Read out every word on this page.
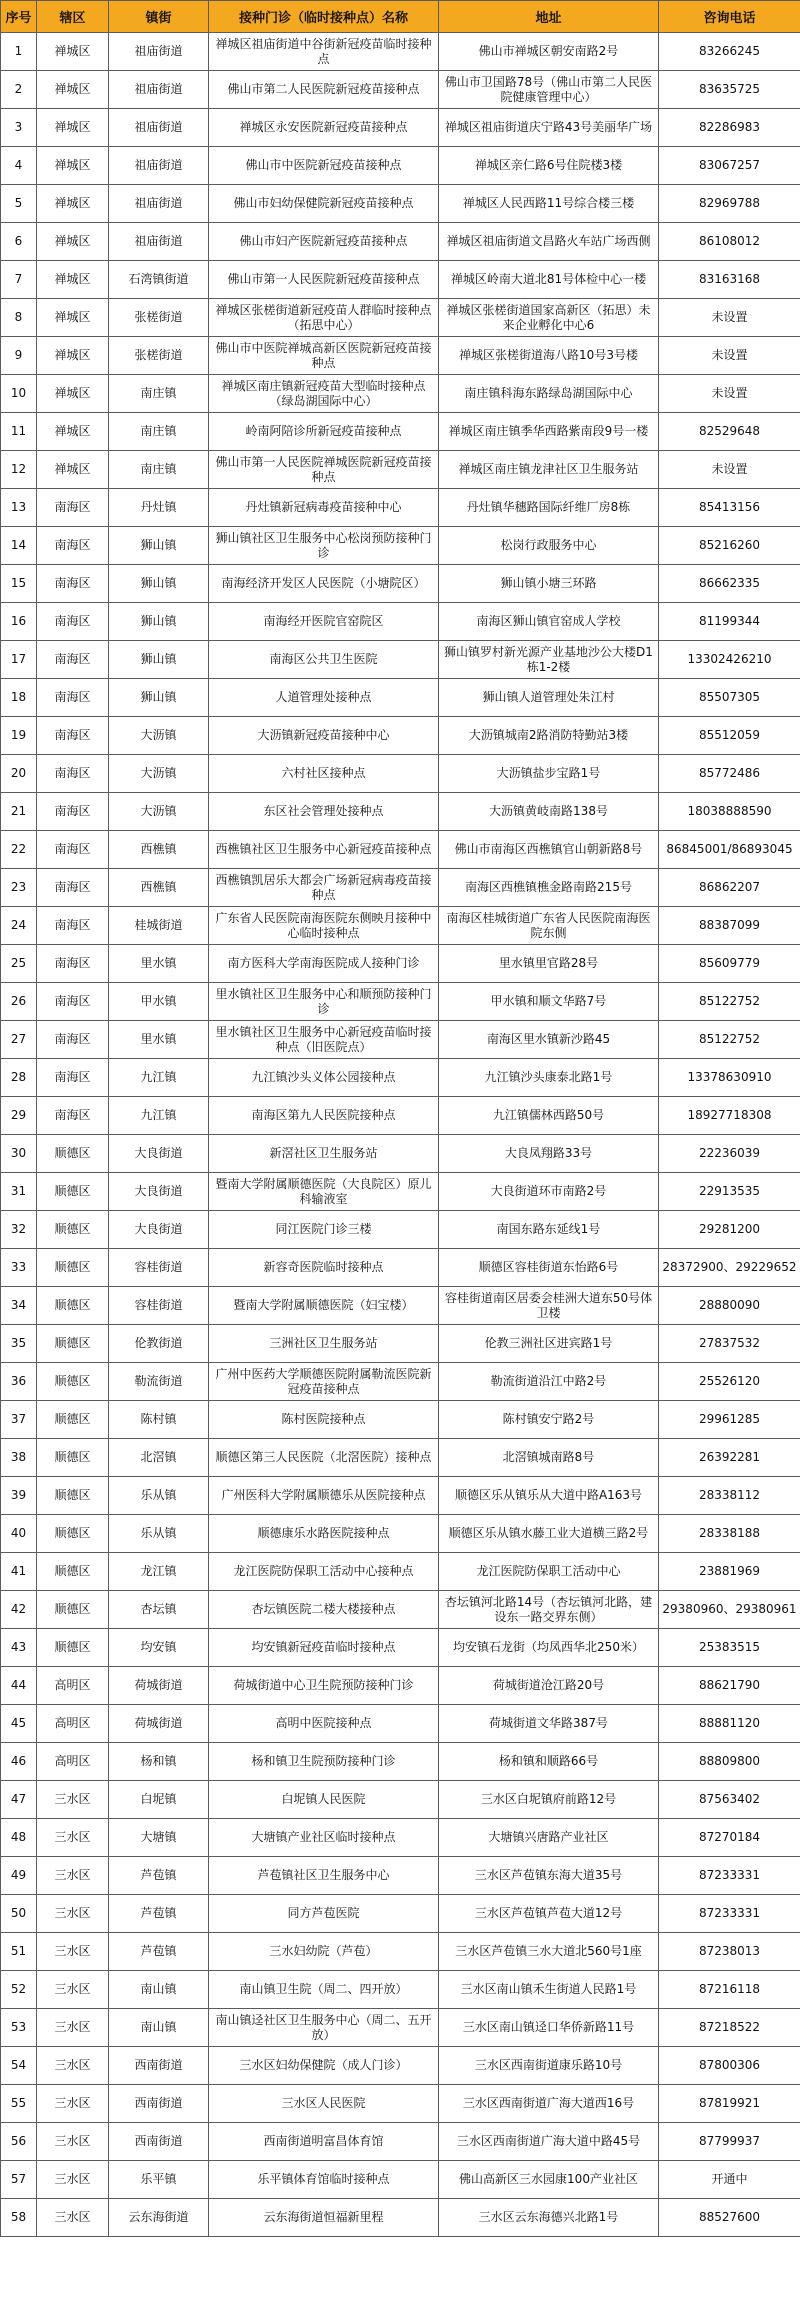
序号	辖区	镇街	接种门诊（临时接种点）名称	地址	咨询电话
1	禅城区	祖庙街道	禅城区祖庙街道中谷街新冠疫苗临时接种点	佛山市禅城区朝安南路2号	83266245
2	禅城区	祖庙街道	佛山市第二人民医院新冠疫苗接种点	佛山市卫国路78号（佛山市第二人民医院健康管理中心）	83635725
3	禅城区	祖庙街道	禅城区永安医院新冠疫苗接种点	禅城区祖庙街道庆宁路43号美丽华广场	82286983
4	禅城区	祖庙街道	佛山市中医院新冠疫苗接种点	禅城区亲仁路6号住院楼3楼	83067257
5	禅城区	祖庙街道	佛山市妇幼保健院新冠疫苗接种点	禅城区人民西路11号综合楼三楼	82969788
6	禅城区	祖庙街道	佛山市妇产医院新冠疫苗接种点	禅城区祖庙街道文昌路火车站广场西侧	86108012
7	禅城区	石湾镇街道	佛山市第一人民医院新冠疫苗接种点	禅城区岭南大道北81号体检中心一楼	83163168
8	禅城区	张槎街道	禅城区张槎街道新冠疫苗人群临时接种点（拓思中心）	禅城区张槎街道国家高新区（拓思）未来企业孵化中心6	未设置
9	禅城区	张槎街道	佛山市中医院禅城高新区医院新冠疫苗接种点	禅城区张槎街道海八路10号3号楼	未设置
10	禅城区	南庄镇	禅城区南庄镇新冠疫苗大型临时接种点（绿岛湖国际中心）	南庄镇科海东路绿岛湖国际中心	未设置
11	禅城区	南庄镇	岭南阿陪诊所新冠疫苗接种点	禅城区南庄镇季华西路紫南段9号一楼	82529648
12	禅城区	南庄镇	佛山市第一人民医院禅城医院新冠疫苗接种点	禅城区南庄镇龙津社区卫生服务站	未设置
13	南海区	丹灶镇	丹灶镇新冠病毒疫苗接种中心	丹灶镇华穗路国际纤维厂房8栋	85413156
14	南海区	狮山镇	狮山镇社区卫生服务中心松岗预防接种门诊	松岗行政服务中心	85216260
15	南海区	狮山镇	南海经济开发区人民医院（小塘院区）	狮山镇小塘三环路	86662335
16	南海区	狮山镇	南海经开医院官窑院区	南海区狮山镇官窑成人学校	81199344
17	南海区	狮山镇	南海区公共卫生医院	狮山镇罗村新光源产业基地沙公大楼D1栋1-2楼	13302426210
18	南海区	狮山镇	人道管理处接种点	狮山镇人道管理处朱江村	85507305
19	南海区	大沥镇	大沥镇新冠疫苗接种中心	大沥镇城南2路消防特勤站3楼	85512059
20	南海区	大沥镇	六村社区接种点	大沥镇盐步宝路1号	85772486
21	南海区	大沥镇	东区社会管理处接种点	大沥镇黄岐南路138号	18038888590
22	南海区	西樵镇	西樵镇社区卫生服务中心新冠疫苗接种点	佛山市南海区西樵镇官山朝新路8号	86845001/86893045
23	南海区	西樵镇	西樵镇凯居乐大都会广场新冠病毒疫苗接种点	南海区西樵镇樵金路南路215号	86862207
24	南海区	桂城街道	广东省人民医院南海医院东侧映月接种中心临时接种点	南海区桂城街道广东省人民医院南海医院东侧	88387099
25	南海区	里水镇	南方医科大学南海医院成人接种门诊	里水镇里官路28号	85609779
26	南海区	甲水镇	里水镇社区卫生服务中心和顺预防接种门诊	甲水镇和顺文华路7号	85122752
27	南海区	里水镇	里水镇社区卫生服务中心新冠疫苗临时接种点（旧医院点）	南海区里水镇新沙路45	85122752
28	南海区	九江镇	九江镇沙头义体公园接种点	九江镇沙头康泰北路1号	13378630910
29	南海区	九江镇	南海区第九人民医院接种点	九江镇儒林西路50号	18927718308
30	顺德区	大良街道	新滘社区卫生服务站	大良凤翔路33号	22236039
31	顺德区	大良街道	暨南大学附属顺德医院（大良院区）原儿科输液室	大良街道环市南路2号	22913535
32	顺德区	大良街道	同江医院门诊三楼	南国东路东延线1号	29281200
33	顺德区	容桂街道	新容奇医院临时接种点	顺德区容桂街道东怡路6号	28372900、29229652
34	顺德区	容桂街道	暨南大学附属顺德医院（妇宝楼）	容桂街道南区居委会桂洲大道东50号体卫楼	28880090
35	顺德区	伦教街道	三洲社区卫生服务站	伦教三洲社区进宾路1号	27837532
36	顺德区	勒流街道	广州中医药大学顺德医院附属勒流医院新冠疫苗接种点	勒流街道沿江中路2号	25526120
37	顺德区	陈村镇	陈村医院接种点	陈村镇安宁路2号	29961285
38	顺德区	北滘镇	顺德区第三人民医院（北滘医院）接种点	北滘镇城南路8号	26392281
39	顺德区	乐从镇	广州医科大学附属顺德乐从医院接种点	顺德区乐从镇乐从大道中路A163号	28338112
40	顺德区	乐从镇	顺德康乐水路医院接种点	顺德区乐从镇水藤工业大道横三路2号	28338188
41	顺德区	龙江镇	龙江医院防保职工活动中心接种点	龙江医院防保职工活动中心	23881969
42	顺德区	杏坛镇	杏坛镇医院二楼大楼接种点	杏坛镇河北路14号（杏坛镇河北路，建设东一路交界东侧）	29380960、29380961
43	顺德区	均安镇	均安镇新冠疫苗临时接种点	均安镇石龙街（均凤西华北250米）	25383515
44	高明区	荷城街道	荷城街道中心卫生院预防接种门诊	荷城街道沧江路20号	88621790
45	高明区	荷城街道	高明中医院接种点	荷城街道文华路387号	88881120
46	高明区	杨和镇	杨和镇卫生院预防接种门诊	杨和镇和顺路66号	88809800
47	三水区	白坭镇	白坭镇人民医院	三水区白坭镇府前路12号	87563402
48	三水区	大塘镇	大塘镇产业社区临时接种点	大塘镇兴唐路产业社区	87270184
49	三水区	芦苞镇	芦苞镇社区卫生服务中心	三水区芦苞镇东海大道35号	87233331
50	三水区	芦苞镇	同方芦苞医院	三水区芦苞镇芦苞大道12号	87233331
51	三水区	芦苞镇	三水妇幼院（芦苞）	三水区芦苞镇三水大道北560号1座	87238013
52	三水区	南山镇	南山镇卫生院（周二、四开放）	三水区南山镇禾生街道人民路1号	87216118
53	三水区	南山镇	南山镇迳社区卫生服务中心（周二、五开放）	三水区南山镇迳口华侨新路11号	87218522
54	三水区	西南街道	三水区妇幼保健院（成人门诊）	三水区西南街道康乐路10号	87800306
55	三水区	西南街道	三水区人民医院	三水区西南街道广海大道西16号	87819921
56	三水区	西南街道	西南街道明富昌体育馆	三水区西南街道广海大道中路45号	87799937
57	三水区	乐平镇	乐平镇体育馆临时接种点	佛山高新区三水园康100产业社区	开通中
58	三水区	云东海街道	云东海街道恒福新里程	三水区云东海德兴北路1号	88527600
